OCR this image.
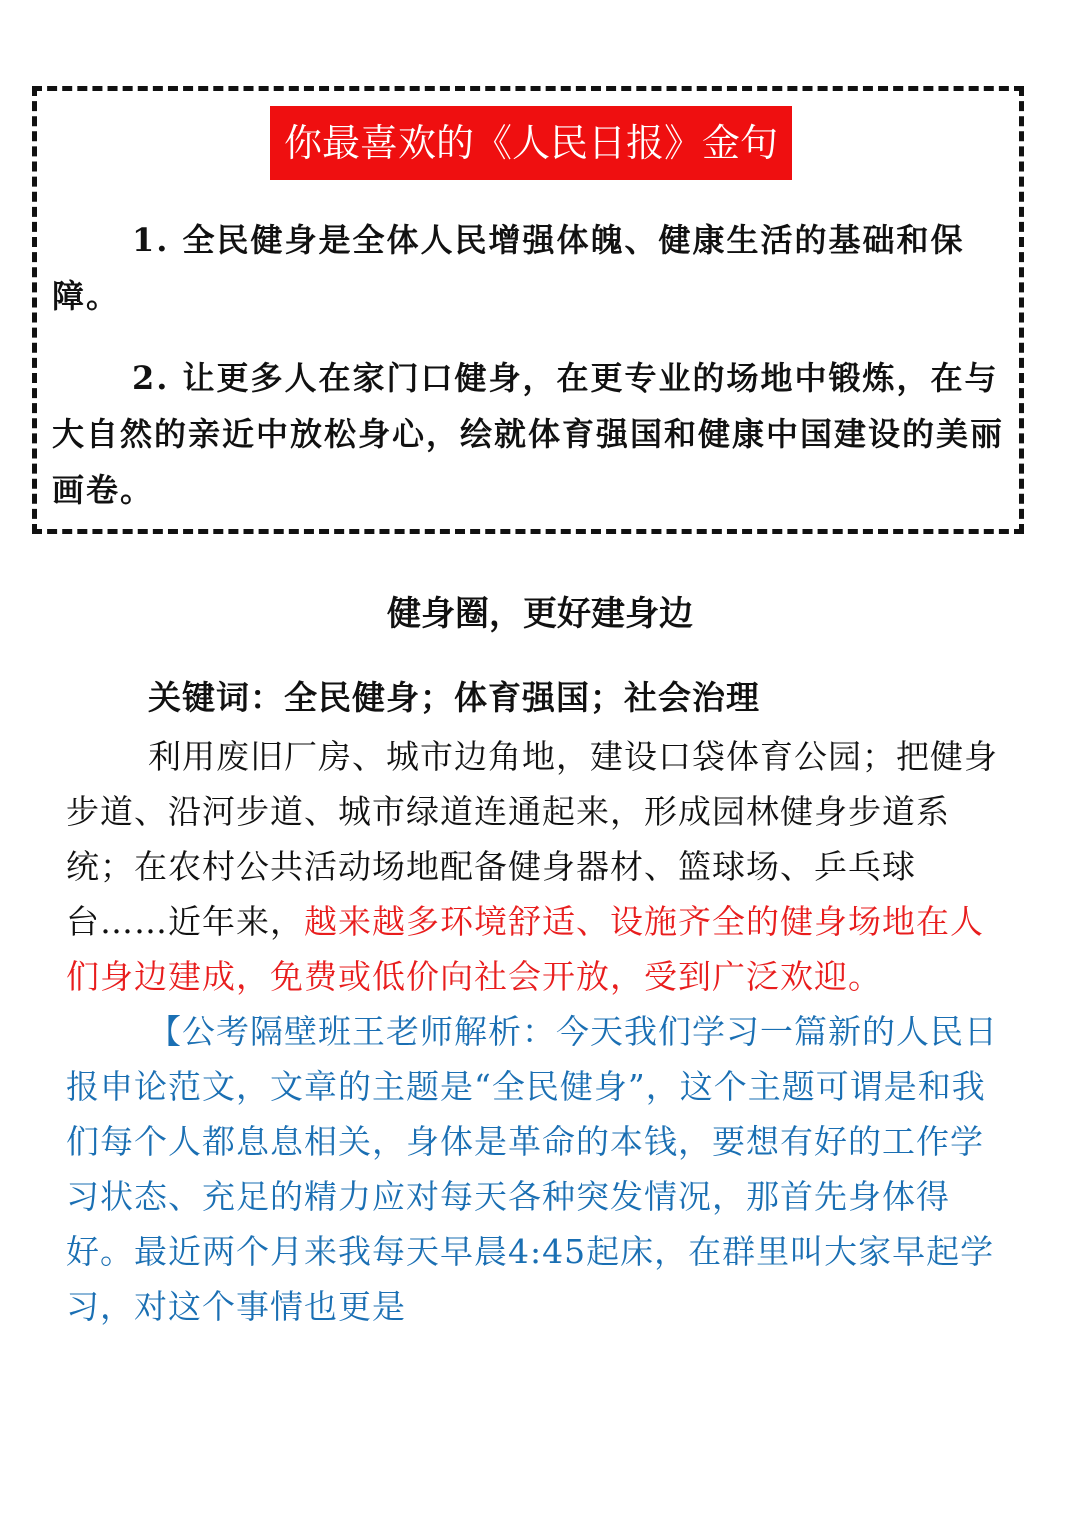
你最喜欢的《人民日报》金句
1. 全民健身是全体人民增强体魄、健康生活的基础和保障。
2. 让更多人在家门口健身，在更专业的场地中锻炼，在与大自然的亲近中放松身心，绘就体育强国和健康中国建设的美丽画卷。
健身圈，更好建身边

关键词：全民健身；体育强国；社会治理

利用废旧厂房、城市边角地，建设口袋体育公园；把健身步道、沿河步道、城市绿道连通起来，形成园林健身步道系统；在农村公共活动场地配备健身器材、篮球场、乒乓球台……近年来，越来越多环境舒适、设施齐全的健身场地在人们身边建成，免费或低价向社会开放，受到广泛欢迎。

【公考隔壁班王老师解析：今天我们学习一篇新的人民日报申论范文，文章的主题是“全民健身”，这个主题可谓是和我们每个人都息息相关，身体是革命的本钱，要想有好的工作学习状态、充足的精力应对每天各种突发情况，那首先身体得好。最近两个月来我每天早晨4:45起床，在群里叫大家早起学习，对这个事情也更是
